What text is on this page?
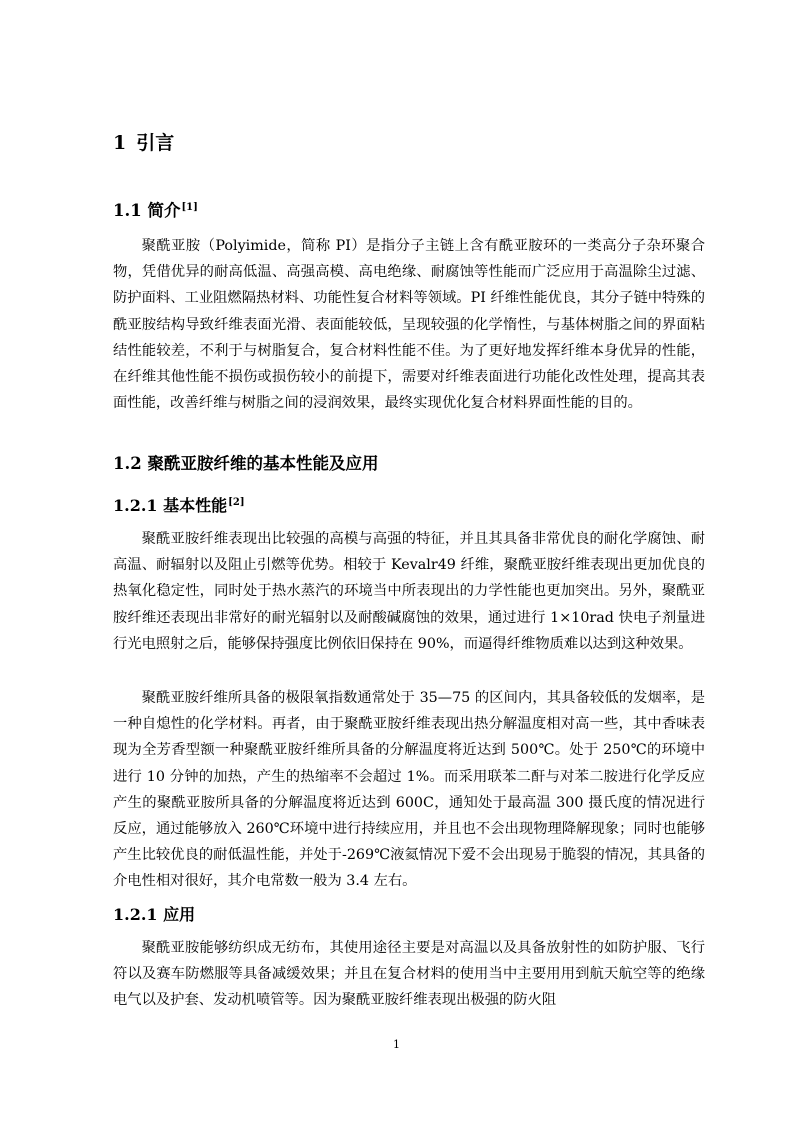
1 引言
1.1 简介[1]

聚酰亚胺（Polyimide，简称 PI）是指分子主链上含有酰亚胺环的一类高分子杂环聚合物，凭借优异的耐高低温、高强高模、高电绝缘、耐腐蚀等性能而广泛应用于高温除尘过滤、防护面料、工业阻燃隔热材料、功能性复合材料等领域。PI 纤维性能优良，其分子链中特殊的酰亚胺结构导致纤维表面光滑、表面能较低，呈现较强的化学惰性，与基体树脂之间的界面粘结性能较差，不利于与树脂复合，复合材料性能不佳。为了更好地发挥纤维本身优异的性能，在纤维其他性能不损伤或损伤较小的前提下，需要对纤维表面进行功能化改性处理，提高其表面性能，改善纤维与树脂之间的浸润效果，最终实现优化复合材料界面性能的目的。

1.2 聚酰亚胺纤维的基本性能及应用
1.2.1 基本性能[2]

聚酰亚胺纤维表现出比较强的高模与高强的特征，并且其具备非常优良的耐化学腐蚀、耐高温、耐辐射以及阻止引燃等优势。相较于 Kevalr49 纤维，聚酰亚胺纤维表现出更加优良的热氧化稳定性，同时处于热水蒸汽的环境当中所表现出的力学性能也更加突出。另外，聚酰亚胺纤维还表现出非常好的耐光辐射以及耐酸碱腐蚀的效果，通过进行 1×10rad 快电子剂量进行光电照射之后，能够保持强度比例依旧保持在 90%，而逼得纤维物质难以达到这种效果。

聚酰亚胺纤维所具备的极限氧指数通常处于 35—75 的区间内，其具备较低的发烟率，是一种自熄性的化学材料。再者，由于聚酰亚胺纤维表现出热分解温度相对高一些，其中香味表现为全芳香型额一种聚酰亚胺纤维所具备的分解温度将近达到 500℃。处于 250℃的环境中进行 10 分钟的加热，产生的热缩率不会超过 1%。而采用联苯二酐与对苯二胺进行化学反应产生的聚酰亚胺所具备的分解温度将近达到 600C，通知处于最高温 300 摄氏度的情况进行反应，通过能够放入 260℃环境中进行持续应用，并且也不会出现物理降解现象；同时也能够产生比较优良的耐低温性能，并处于-269℃液氦情况下爱不会出现易于脆裂的情况，其具备的介电性相对很好，其介电常数一般为 3.4 左右。

1.2.1 应用

聚酰亚胺能够纺织成无纺布，其使用途径主要是对高温以及具备放射性的如防护服、飞行符以及赛车防燃服等具备减缓效果；并且在复合材料的使用当中主要用用到航天航空等的绝缘电气以及护套、发动机喷管等。因为聚酰亚胺纤维表现出极强的防火阻

1
